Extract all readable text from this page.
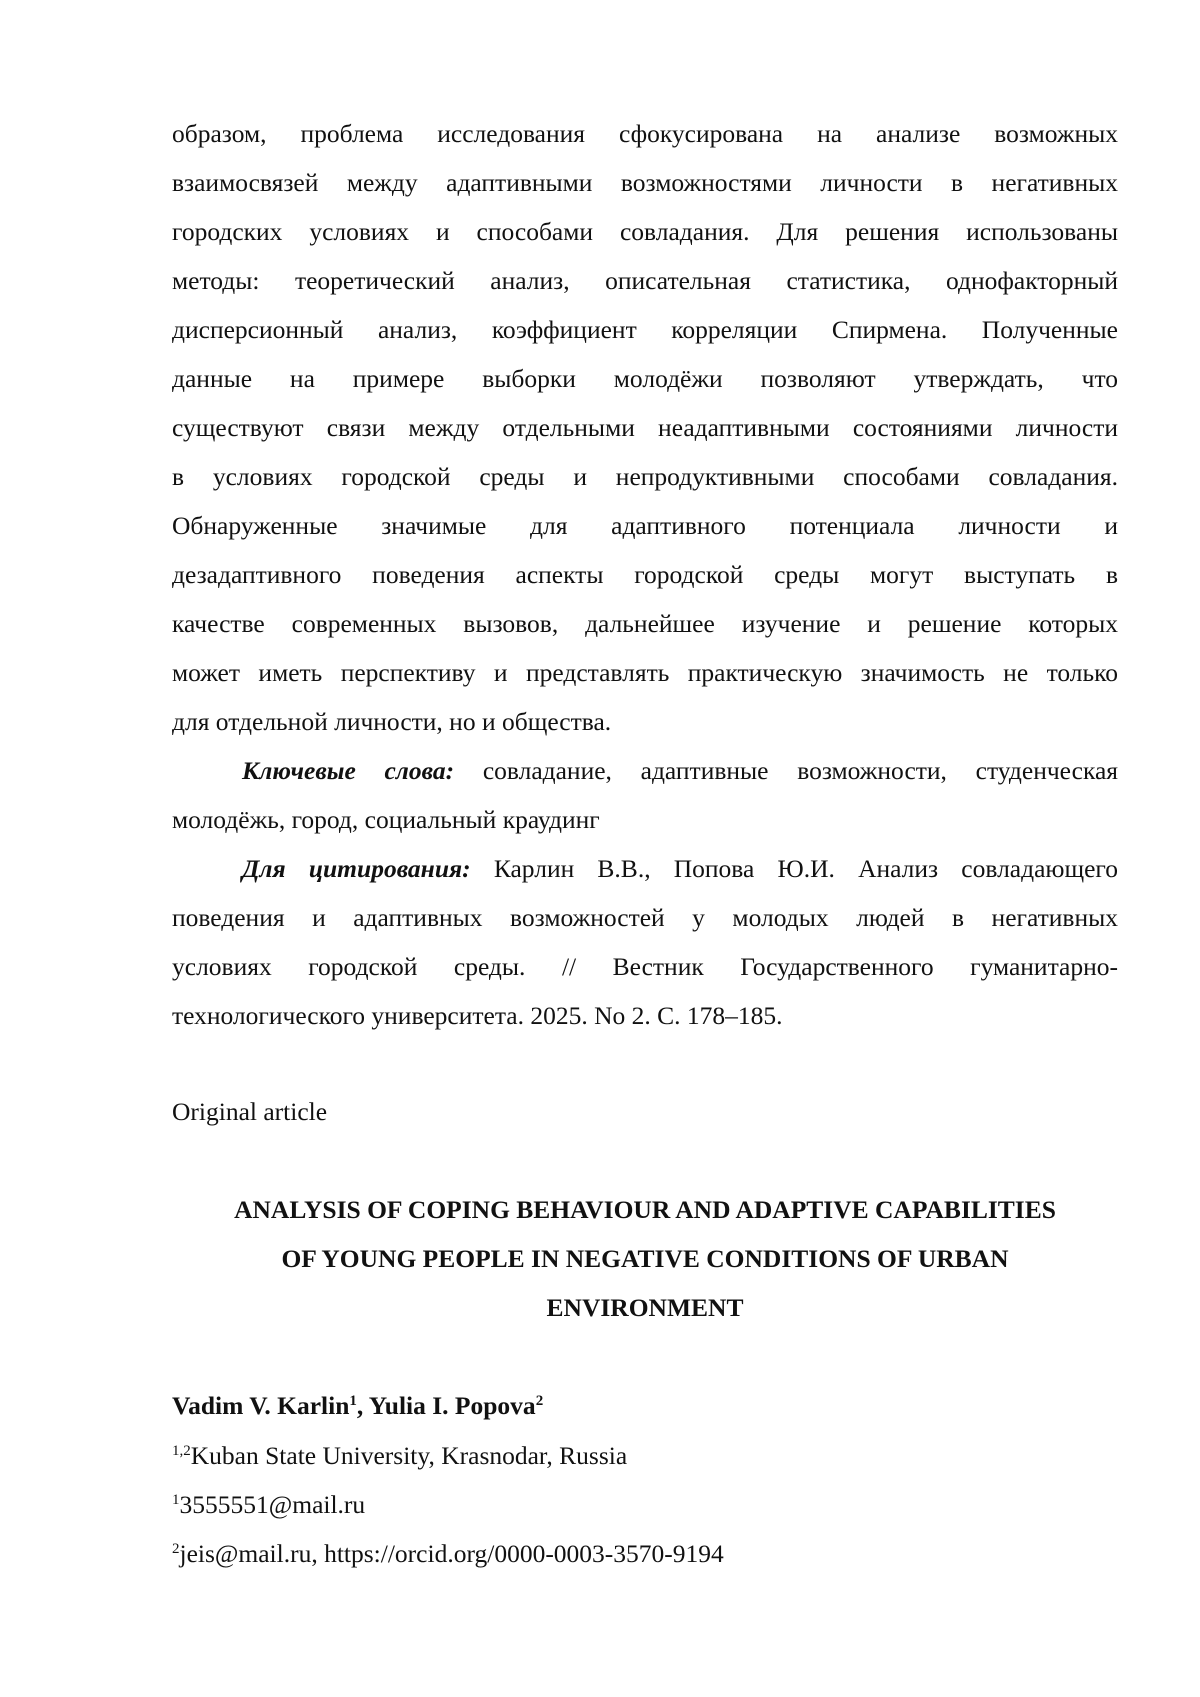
образом, проблема исследования сфокусирована на анализе возможных
взаимосвязей между адаптивными возможностями личности в негативных
городских условиях и способами совладания. Для решения использованы
методы: теоретический анализ, описательная статистика, однофакторный
дисперсионный анализ, коэффициент корреляции Спирмена. Полученные
данные на примере выборки молодёжи позволяют утверждать, что
существуют связи между отдельными неадаптивными состояниями личности
в условиях городской среды и непродуктивными способами совладания.
Обнаруженные значимые для адаптивного потенциала личности и
дезадаптивного поведения аспекты городской среды могут выступать в
качестве современных вызовов, дальнейшее изучение и решение которых
может иметь перспективу и представлять практическую значимость не только
для отдельной личности, но и общества.
Ключевые слова: совладание, адаптивные возможности, студенческая
молодёжь, город, социальный краудинг
Для цитирования: Карлин В.В., Попова Ю.И. Анализ совладающего
поведения и адаптивных возможностей у молодых людей в негативных
условиях городской среды. // Вестник Государственного гуманитарно-
технологического университета. 2025. No 2. С. 178–185.
Original article
ANALYSIS OF COPING BEHAVIOUR AND ADAPTIVE CAPABILITIES
OF YOUNG PEOPLE IN NEGATIVE CONDITIONS OF URBAN
ENVIRONMENT
Vadim V. Karlin1, Yulia I. Popova2
1,2Kuban State University, Krasnodar, Russia
13555551@mail.ru
2jeis@mail.ru, https://orcid.org/0000-0003-3570-9194
